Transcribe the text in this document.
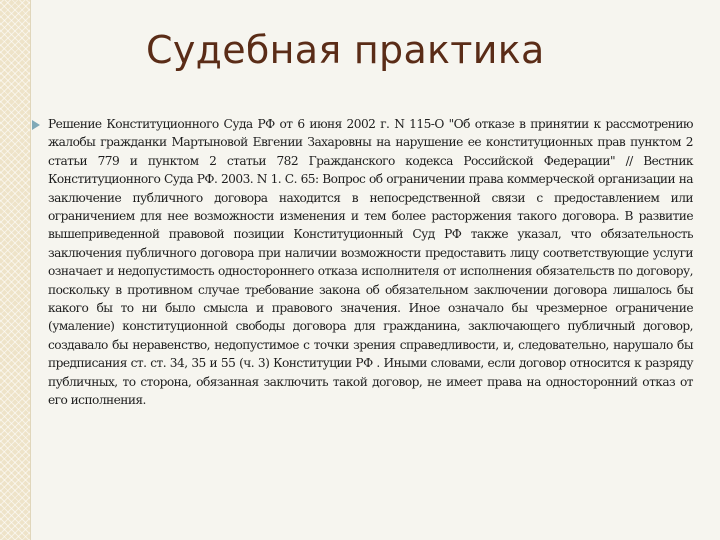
Судебная практика

Решение Конституционного Суда РФ от 6 июня 2002 г. N 115-О "Об отказе в принятии к рассмотрению жалобы гражданки Мартыновой Евгении Захаровны на нарушение ее конституционных прав пунктом 2 статьи 779 и пунктом 2 статьи 782 Гражданского кодекса Российской Федерации" // Вестник Конституционного Суда РФ. 2003. N 1. С. 65: Вопрос об ограничении права коммерческой организации на заключение публичного договора находится в непосредственной связи с предоставлением или ограничением для нее возможности изменения и тем более расторжения такого договора. В развитие вышеприведенной правовой позиции Конституционный Суд РФ также указал, что обязательность заключения публичного договора при наличии возможности предоставить лицу соответствующие услуги означает и недопустимость одностороннего отказа исполнителя от исполнения обязательств по договору, поскольку в противном случае требование закона об обязательном заключении договора лишалось бы какого бы то ни было смысла и правового значения. Иное означало бы чрезмерное ограничение (умаление) конституционной свободы договора для гражданина, заключающего публичный договор, создавало бы неравенство, недопустимое с точки зрения справедливости, и, следовательно, нарушало бы предписания ст. ст. 34, 35 и 55 (ч. 3) Конституции РФ . Иными словами, если договор относится к разряду публичных, то сторона, обязанная заключить такой договор, не имеет права на односторонний отказ от его исполнения.
